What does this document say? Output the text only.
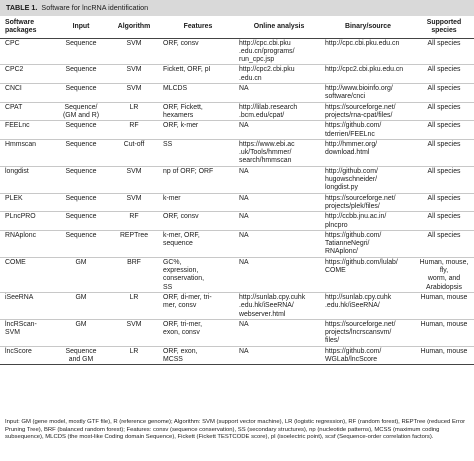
TABLE 1. Software for lncRNA identification
Software packages	Input	Algorithm	Features	Online analysis	Binary/source	Supported species

CPC	Sequence	SVM	ORF, consv	http://cpc.cbi.pku
.edu.cn/programs/
run_cpc.jsp	http://cpc.cbi.pku.edu.cn	All species

CPC2	Sequence	SVM	Fickett, ORF, pI	http://cpc2.cbi.pku
.edu.cn	http://cpc2.cbi.pku.edu.cn	All species

CNCI	Sequence	SVM	MLCDS	NA	http://www.bioinfo.org/
software/cnci	All species

CPAT	Sequence/
(GM and R)	LR	ORF, Fickett,
hexamers	http://lilab.research
.bcm.edu/cpat/	https://sourceforge.net/
projects/rna-cpat/files/	All species

FEELnc	Sequence	RF	ORF, k-mer	NA	https://github.com/
tderrien/FEELnc	All species

Hmmscan	Sequence	Cut-off	SS	https://www.ebi.ac
.uk/Tools/hmmer/
search/hmmscan	http://hmmer.org/
download.html	All species

longdist	Sequence	SVM	np of ORF; ORF	NA	http://github.com/
hugowschneider/
longdist.py	All species

PLEK	Sequence	SVM	k-mer	NA	https://sourceforge.net/
projects/plek/files/	All species

PLncPRO	Sequence	RF	ORF, consv	NA	http://ccbb.jnu.ac.in/
plncpro	All species

RNAplonc	Sequence	REPTree	k-mer, ORF,
sequence	NA	https://github.com/
TatianneNegri/
RNAplonc/	All species

COME	GM	BRF	GC%,
expression,
conservation,
SS	NA	https://github.com/lulab/
COME	Human, mouse, fly,
worm, and
Arabidopsis

iSeeRNA	GM	LR	ORF, di-mer, tri-
mer, consv	http://sunlab.cpy.cuhk
.edu.hk/iSeeRNA/
webserver.html	http://sunlab.cpy.cuhk
.edu.hk/iSeeRNA/	Human, mouse

lncRScan-
SVM	GM	SVM	ORF, tri-mer,
exon, consv	NA	https://sourceforge.net/
projects/lncrscansvm/
files/	Human, mouse

lncScore	Sequence
and GM	LR	ORF, exon,
MCSS	NA	https://github.com/
WGLab/lncScore	Human, mouse
Input: GM (gene model, mostly GTF file), R (reference genome); Algorithm: SVM (support vector machine), LR (logistic regression), RF (random forest), REPTree (reduced Error Pruning Tree), BRF (balanced random forest); Features: consv (sequence conservation), SS (secondary structures), np (nucleotide patterns), MCSS (maximum coding subsequence), MLCDS (the most-like Coding domain Sequence), Fickett (Fickett TESTCODE score), pI (isoelectric point), scsf (Sequence-order correlation factors).
